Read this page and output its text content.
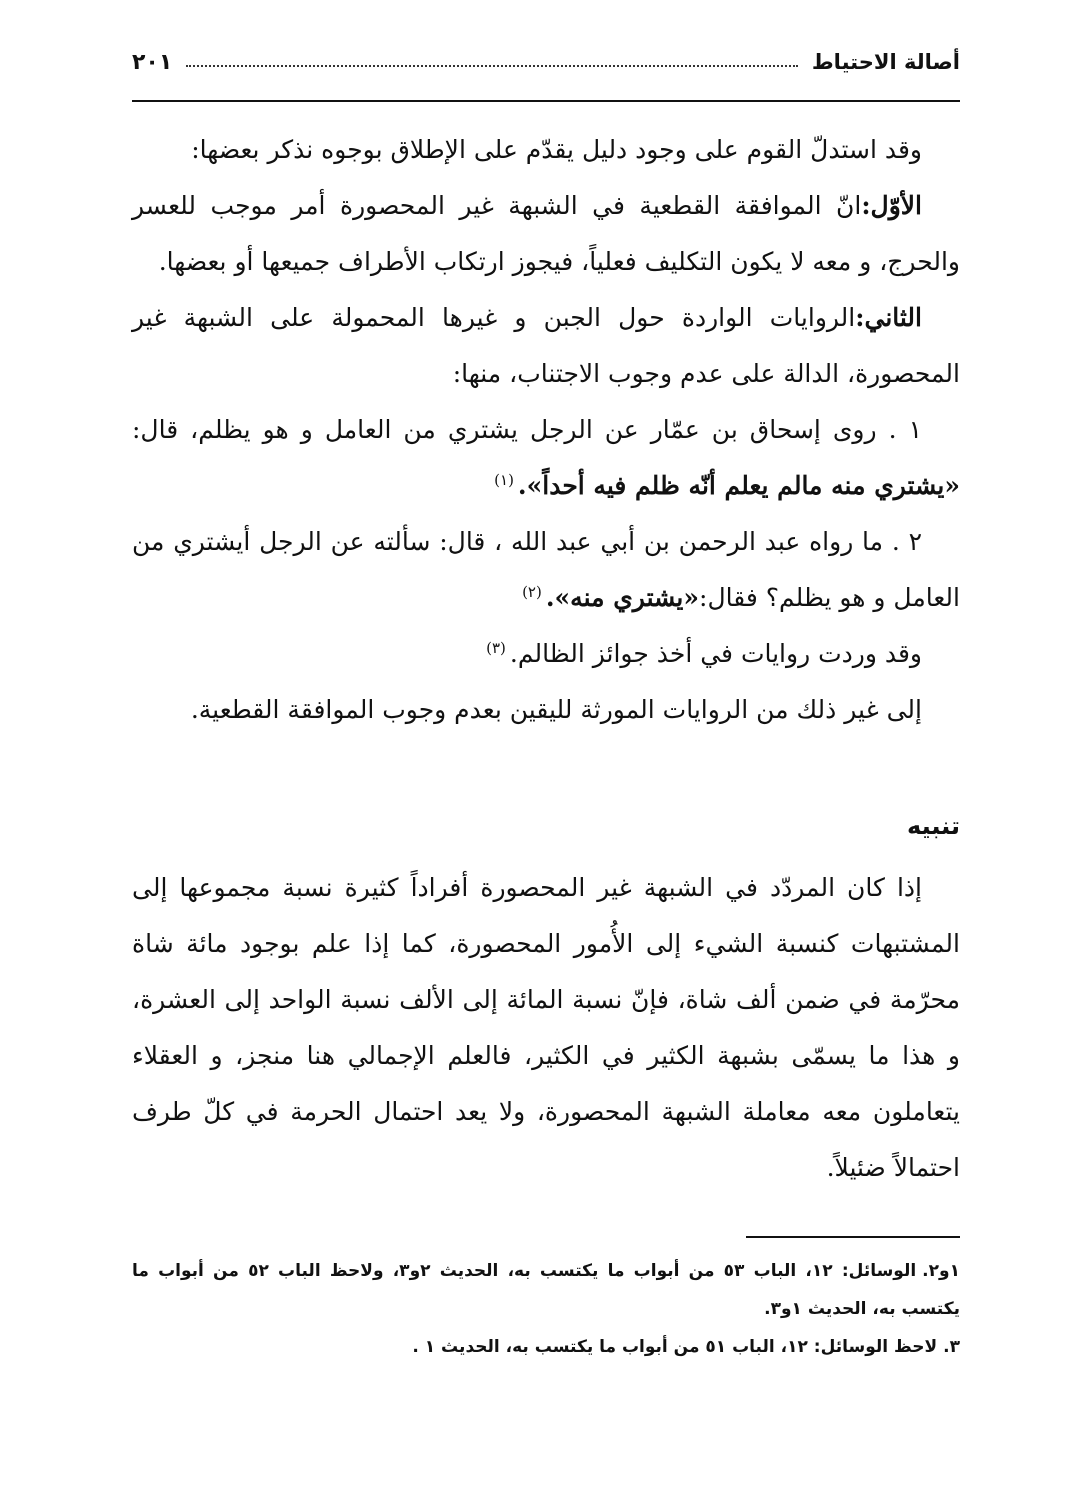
أصالة الاحتياط
٢٠١

وقد استدلّ القوم على وجود دليل يقدّم على الإطلاق بوجوه نذكر بعضها:

الأوّل:انّ الموافقة القطعية في الشبهة غير المحصورة أمر موجب للعسر والحرج، و معه لا يكون التكليف فعلياً، فيجوز ارتكاب الأطراف جميعها أو بعضها.

الثاني:الروايات الواردة حول الجبن و غيرها المحمولة على الشبهة غير المحصورة، الدالة على عدم وجوب الاجتناب، منها:

١ . روى إسحاق بن عمّار عن الرجل يشتري من العامل و هو يظلم، قال: «يشتري منه مالم يعلم أنّه ظلم فيه أحداً».$^{(١)}$

٢ . ما رواه عبد الرحمن بن أبي عبد الله ، قال: سألته عن الرجل أيشتري من العامل و هو يظلم؟ فقال:«يشتري منه».$^{(٢)}$

وقد وردت روايات في أخذ جوائز الظالم.$^{(٣)}$

إلى غير ذلك من الروايات المورثة لليقين بعدم وجوب الموافقة القطعية.

تنبيه

إذا كان المردّد في الشبهة غير المحصورة أفراداً كثيرة نسبة مجموعها إلى المشتبهات كنسبة الشيء إلى الأُمور المحصورة، كما إذا علم بوجود مائة شاة محرّمة في ضمن ألف شاة، فإنّ نسبة المائة إلى الألف نسبة الواحد إلى العشرة، و هذا ما يسمّى بشبهة الكثير في الكثير، فالعلم الإجمالي هنا منجز، و العقلاء يتعاملون معه معاملة الشبهة المحصورة، ولا يعد احتمال الحرمة في كلّ طرف احتمالاً ضئيلاً.

١و٢.الوسائل: ١٢، الباب ٥٣ من أبواب ما يكتسب به، الحديث ٢و٣، ولاحظ الباب ٥٢ من أبواب ما يكتسب به، الحديث ١و٣.

٣.لاحظ الوسائل: ١٢، الباب ٥١ من أبواب ما يكتسب به، الحديث ١ .
